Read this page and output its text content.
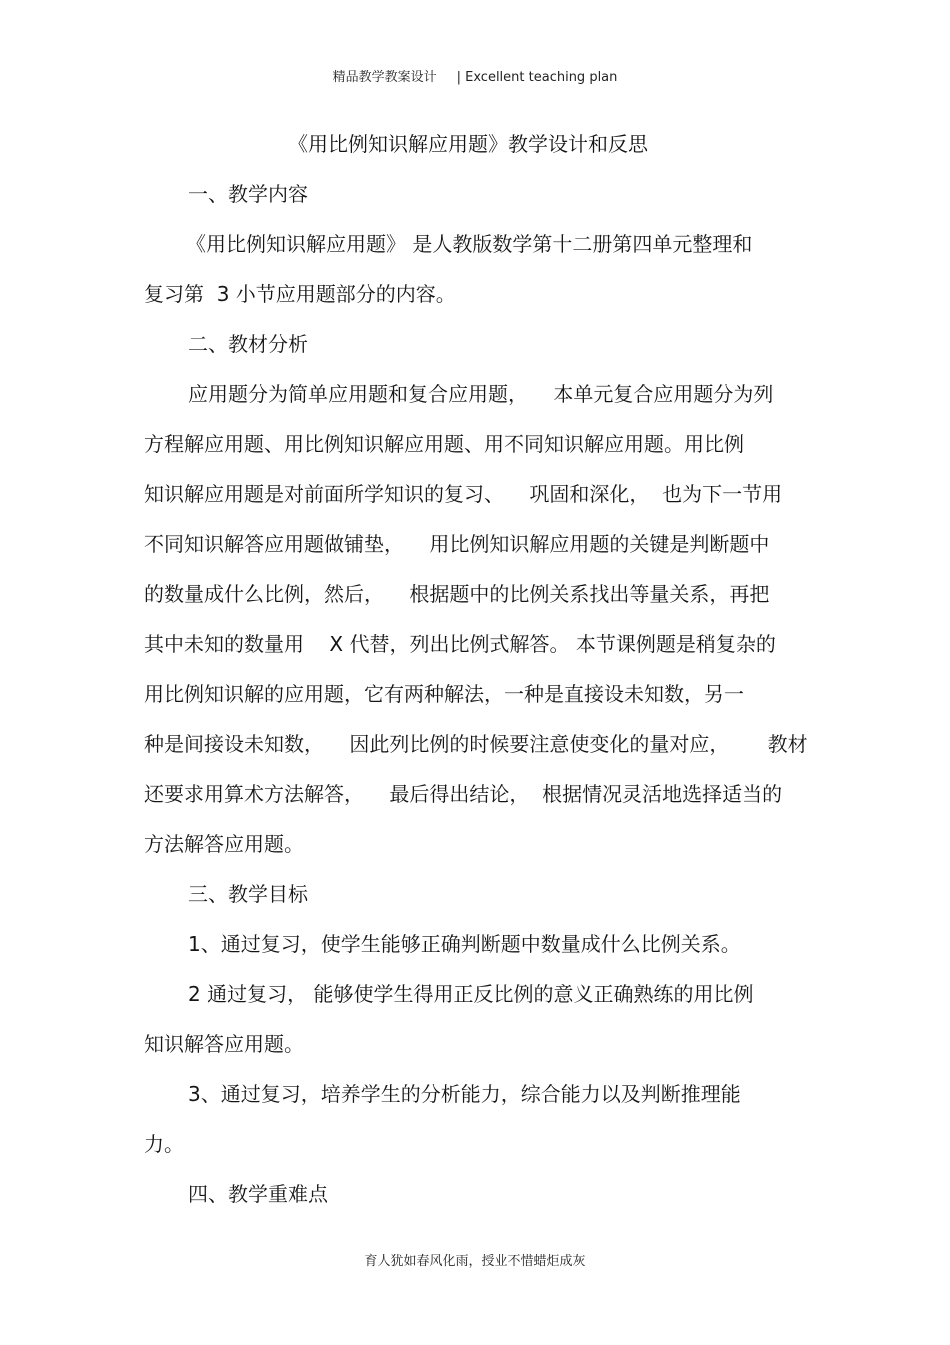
精品教学教案设计 | Excellent teaching plan
《用比例知识解应用题》教学设计和反思
一、教学内容
《用比例知识解应用题》 是人教版数学第十二册第四单元整理和
复习第  3 小节应用题部分的内容。
二、教材分析
应用题分为简单应用题和复合应用题，    本单元复合应用题分为列
方程解应用题、用比例知识解应用题、用不同知识解应用题。用比例
知识解应用题是对前面所学知识的复习、    巩固和深化，  也为下一节用
不同知识解答应用题做铺垫，    用比例知识解应用题的关键是判断题中
的数量成什么比例，然后，    根据题中的比例关系找出等量关系，再把
其中未知的数量用    X 代替，列出比例式解答。 本节课例题是稍复杂的
用比例知识解的应用题，它有两种解法，一种是直接设未知数，另一
种是间接设未知数，    因此列比例的时候要注意使变化的量对应，      教材
还要求用算术方法解答，    最后得出结论，  根据情况灵活地选择适当的
方法解答应用题。
三、教学目标
1、通过复习，使学生能够正确判断题中数量成什么比例关系。
2 通过复习， 能够使学生得用正反比例的意义正确熟练的用比例
知识解答应用题。
3、通过复习，培养学生的分析能力，综合能力以及判断推理能
力。
四、教学重难点
育人犹如春风化雨，授业不惜蜡炬成灰
